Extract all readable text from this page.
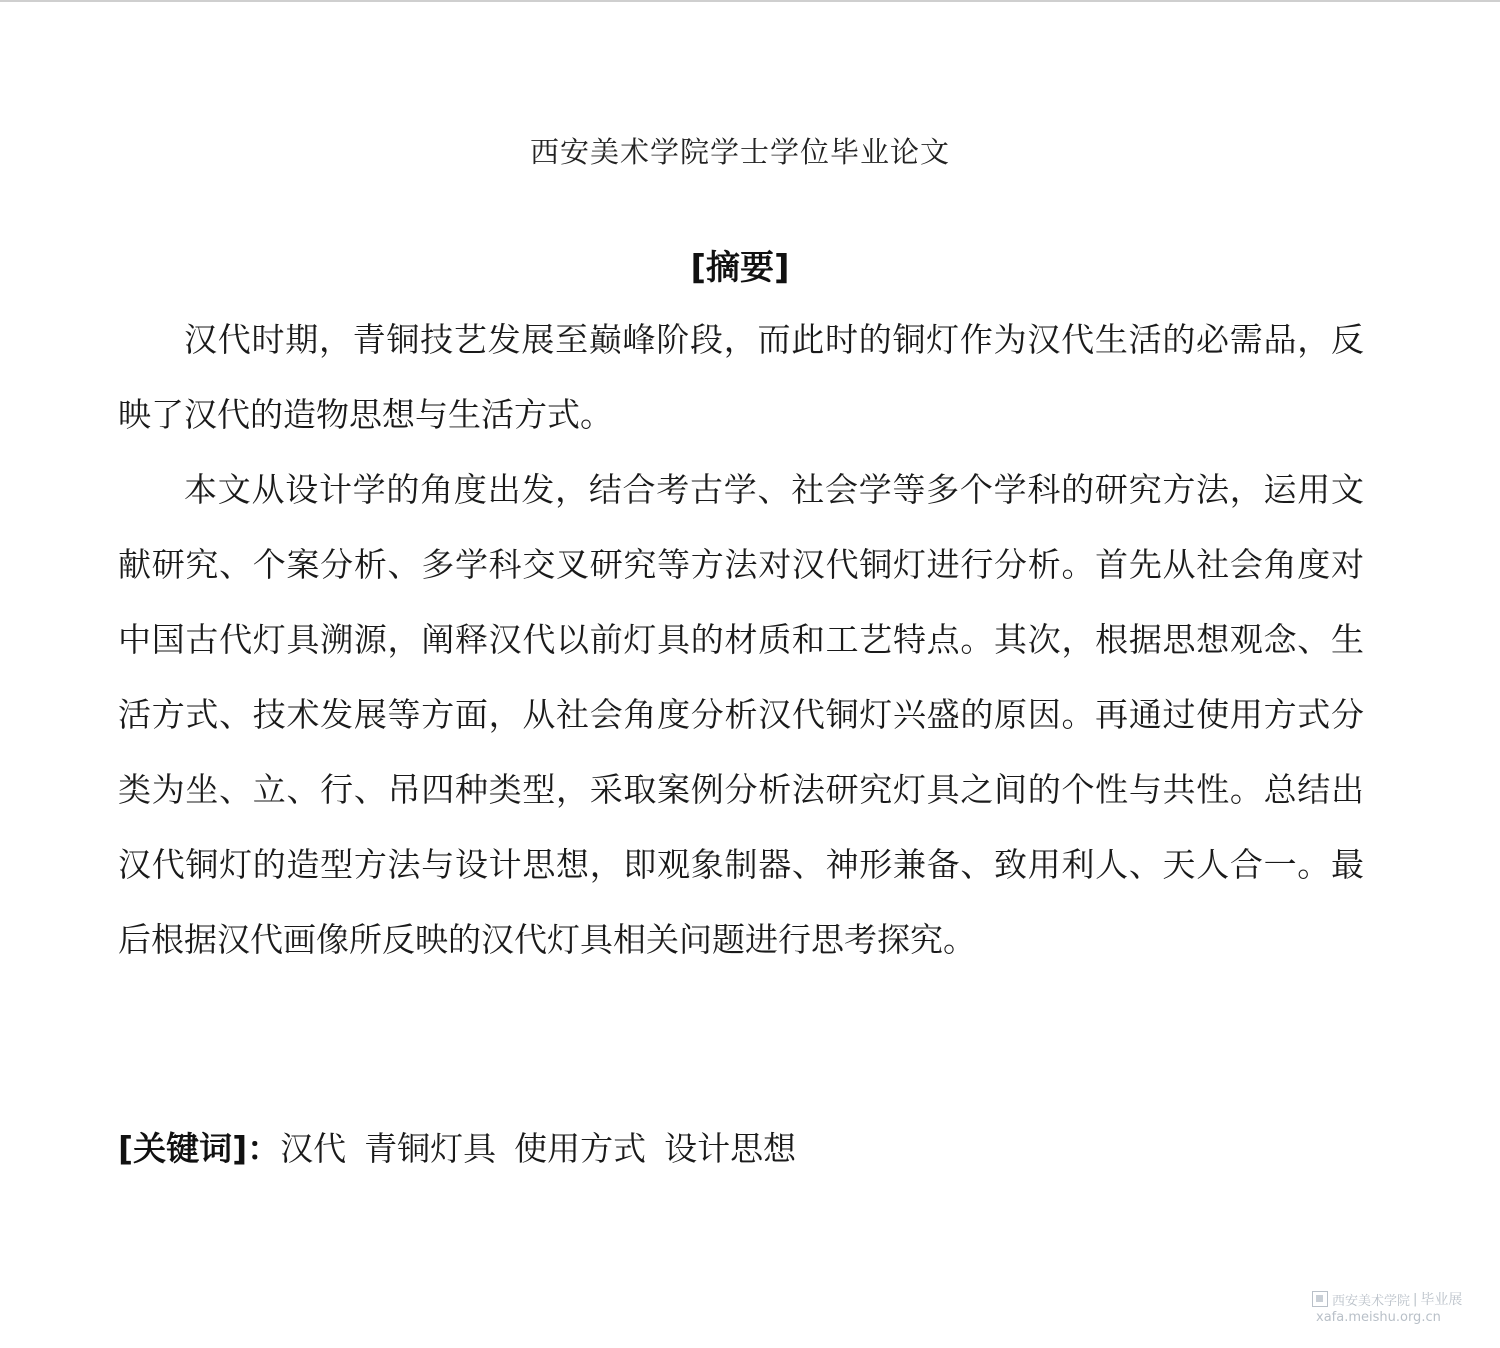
西安美术学院学士学位毕业论文
[摘要]

汉代时期，青铜技艺发展至巅峰阶段，而此时的铜灯作为汉代生活的必需品，反映了汉代的造物思想与生活方式。

本文从设计学的角度出发，结合考古学、社会学等多个学科的研究方法，运用文献研究、个案分析、多学科交叉研究等方法对汉代铜灯进行分析。首先从社会角度对中国古代灯具溯源，阐释汉代以前灯具的材质和工艺特点。其次，根据思想观念、生活方式、技术发展等方面，从社会角度分析汉代铜灯兴盛的原因。再通过使用方式分类为坐、立、行、吊四种类型，采取案例分析法研究灯具之间的个性与共性。总结出汉代铜灯的造型方法与设计思想，即观象制器、神形兼备、致用利人、天人合一。最后根据汉代画像所反映的汉代灯具相关问题进行思考探究。

[关键词]：汉代 青铜灯具 使用方式 设计思想
西安美术学院 | 毕业展
xafa.meishu.org.cn
